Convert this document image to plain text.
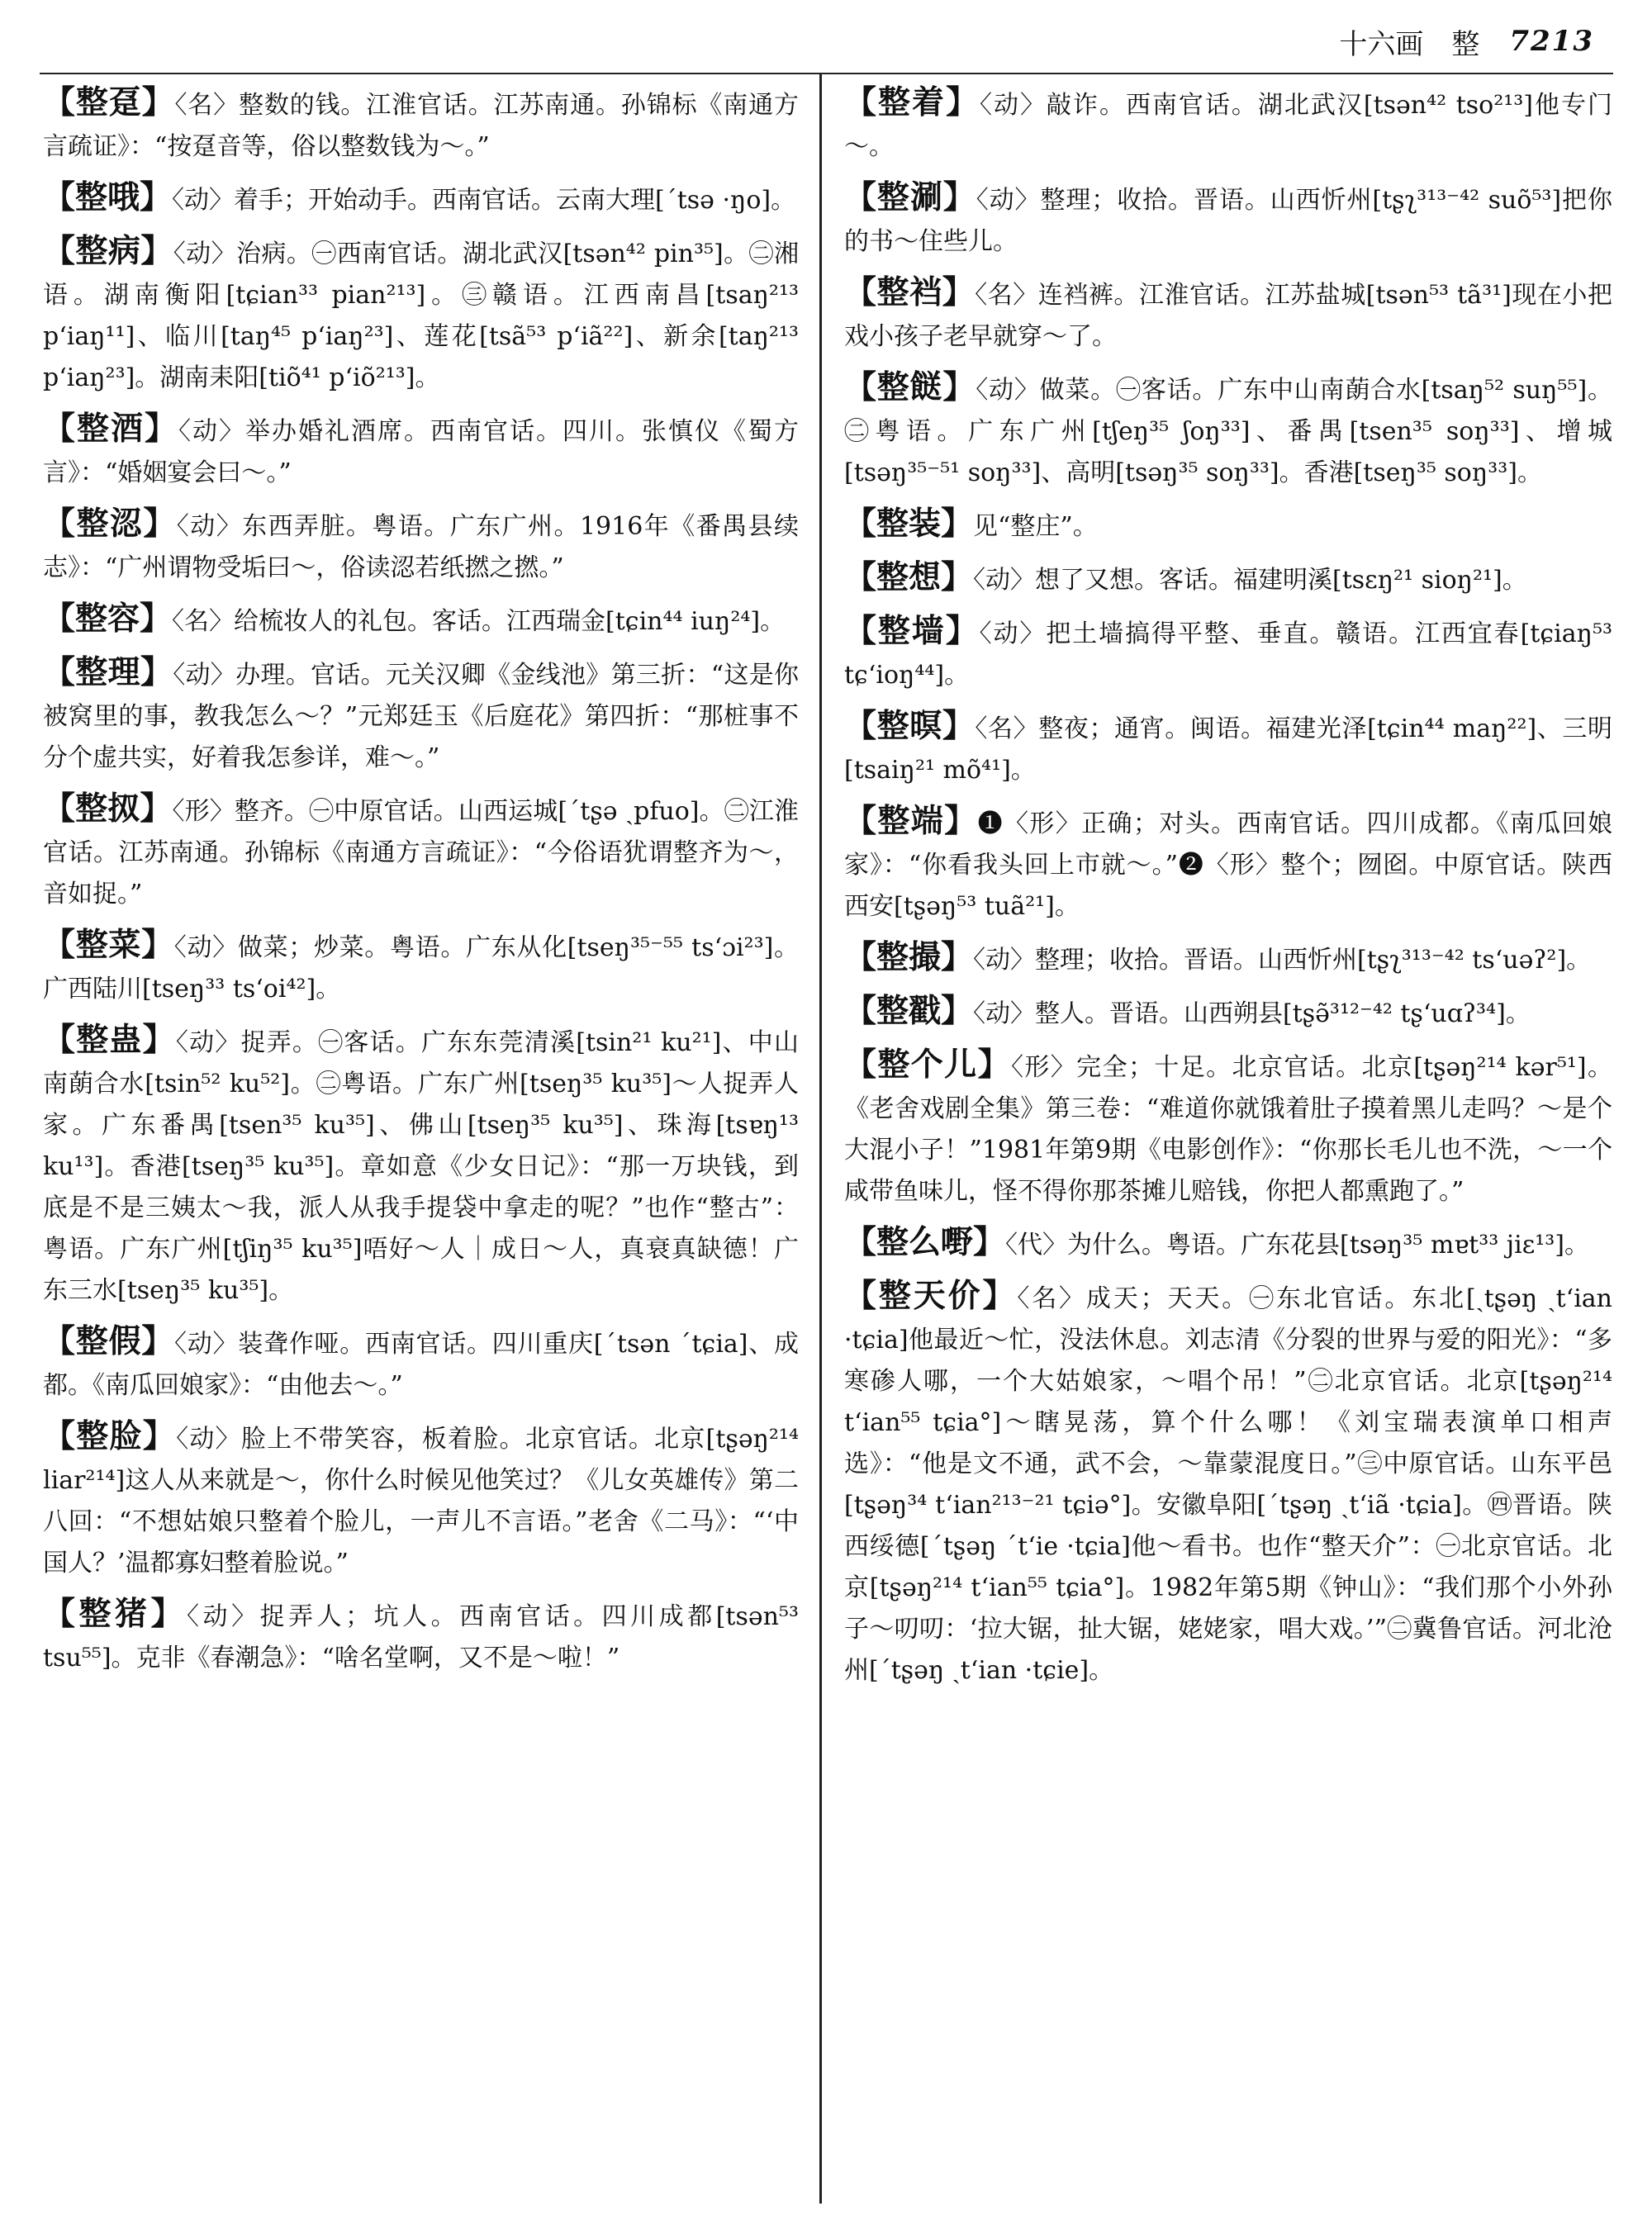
十六画　整 7213

【整趸】〈名〉整数的钱。江淮官话。江苏南通。孙锦标《南通方言疏证》：“按趸音等，俗以整数钱为～。”

【整哦】〈动〉着手；开始动手。西南官话。云南大理[ˊtsə ·ŋo]。

【整病】〈动〉治病。㊀西南官话。湖北武汉[tsən⁴² pin³⁵]。㊁湘语。湖南衡阳[tɕian³³ pian²¹³]。㊂赣语。江西南昌[tsaŋ²¹³ pʻiaŋ¹¹]、临川[taŋ⁴⁵ pʻiaŋ²³]、莲花[tsã⁵³ pʻiã²²]、新余[taŋ²¹³ pʻiaŋ²³]。湖南耒阳[tiõ⁴¹ pʻiõ²¹³]。

【整酒】〈动〉举办婚礼酒席。西南官话。四川。张慎仪《蜀方言》：“婚姻宴会曰～。”

【整涊】〈动〉东西弄脏。粤语。广东广州。1916年《番禺县续志》：“广州谓物受垢曰～，俗读涊若纸撚之撚。”

【整容】〈名〉给梳妆人的礼包。客话。江西瑞金[tɕin⁴⁴ iuŋ²⁴]。

【整理】〈动〉办理。官话。元关汉卿《金线池》第三折：“这是你被窝里的事，教我怎么～？”元郑廷玉《后庭花》第四折：“那桩事不分个虚共实，好着我怎参详，难～。”

【整㧐】〈形〉整齐。㊀中原官话。山西运城[ˊtʂə ˏpfuo]。㊁江淮官话。江苏南通。孙锦标《南通方言疏证》：“今俗语犹谓整齐为～，音如捉。”

【整菜】〈动〉做菜；炒菜。粤语。广东从化[tseŋ³⁵⁻⁵⁵ tsʻɔi²³]。广西陆川[tseŋ³³ tsʻoi⁴²]。

【整蛊】〈动〉捉弄。㊀客话。广东东莞清溪[tsin²¹ ku²¹]、中山南蓢合水[tsin⁵² ku⁵²]。㊁粤语。广东广州[tseŋ³⁵ ku³⁵]～人捉弄人家。广东番禺[tsen³⁵ ku³⁵]、佛山[tseŋ³⁵ ku³⁵]、珠海[tsɐŋ¹³ ku¹³]。香港[tseŋ³⁵ ku³⁵]。章如意《少女日记》：“那一万块钱，到底是不是三姨太～我，派人从我手提袋中拿走的呢？”也作“整古”：粤语。广东广州[tʃiŋ³⁵ ku³⁵]唔好～人｜成日～人，真衰真缺德！广东三水[tseŋ³⁵ ku³⁵]。

【整假】〈动〉装聋作哑。西南官话。四川重庆[ˊtsən ˊtɕia]、成都。《南瓜回娘家》：“由他去～。”

【整脸】〈动〉脸上不带笑容，板着脸。北京官话。北京[tʂəŋ²¹⁴ liar²¹⁴]这人从来就是～，你什么时候见他笑过？《儿女英雄传》第二八回：“不想姑娘只整着个脸儿，一声儿不言语。”老舍《二马》：“‘中国人？’温都寡妇整着脸说。”

【整猪】〈动〉捉弄人；坑人。西南官话。四川成都[tsən⁵³ tsu⁵⁵]。克非《春潮急》：“啥名堂啊，又不是～啦！”

【整着】〈动〉敲诈。西南官话。湖北武汉[tsən⁴² tso²¹³]他专门～。

【整涮】〈动〉整理；收拾。晋语。山西忻州[tʂʅ³¹³⁻⁴² suõ⁵³]把你的书～住些儿。

【整裆】〈名〉连裆裤。江淮官话。江苏盐城[tsən⁵³ tã³¹]现在小把戏小孩子老早就穿～了。

【整餸】〈动〉做菜。㊀客话。广东中山南蓢合水[tsaŋ⁵² suŋ⁵⁵]。㊁粤语。广东广州[tʃeŋ³⁵ ʃoŋ³³]、番禺[tsen³⁵ soŋ³³]、增城[tsəŋ³⁵⁻⁵¹ soŋ³³]、高明[tsəŋ³⁵ soŋ³³]。香港[tseŋ³⁵ soŋ³³]。

【整装】见“整庄”。

【整想】〈动〉想了又想。客话。福建明溪[tsɛŋ²¹ sioŋ²¹]。

【整墙】〈动〉把土墙搞得平整、垂直。赣语。江西宜春[tɕiaŋ⁵³ tɕʻioŋ⁴⁴]。

【整暝】〈名〉整夜；通宵。闽语。福建光泽[tɕin⁴⁴ maŋ²²]、三明[tsaiŋ²¹ mõ⁴¹]。

【整端】❶〈形〉正确；对头。西南官话。四川成都。《南瓜回娘家》：“你看我头回上市就～。”❷〈形〉整个；囫囵。中原官话。陕西西安[tʂəŋ⁵³ tuã²¹]。

【整撮】〈动〉整理；收拾。晋语。山西忻州[tʂʅ³¹³⁻⁴² tsʻuəʔ²]。

【整戳】〈动〉整人。晋语。山西朔县[tʂə̃³¹²⁻⁴² tʂʻuɑʔ³⁴]。

【整个儿】〈形〉完全；十足。北京官话。北京[tʂəŋ²¹⁴ kər⁵¹]。《老舍戏剧全集》第三卷：“难道你就饿着肚子摸着黑儿走吗？～是个大混小子！”1981年第9期《电影创作》：“你那长毛儿也不洗，～一个咸带鱼味儿，怪不得你那茶摊儿赔钱，你把人都熏跑了。”

【整么嘢】〈代〉为什么。粤语。广东花县[tsəŋ³⁵ mɐt³³ jiɛ¹³]。

【整天价】〈名〉成天；天天。㊀东北官话。东北[ˏtʂəŋ ˏtʻian ·tɕia]他最近～忙，没法休息。刘志清《分裂的世界与爱的阳光》：“多寒碜人哪，一个大姑娘家，～唱个吊！”㊁北京官话。北京[tʂəŋ²¹⁴ tʻian⁵⁵ tɕia°]～瞎晃荡，算个什么哪！《刘宝瑞表演单口相声选》：“他是文不通，武不会，～靠蒙混度日。”㊂中原官话。山东平邑[tʂəŋ³⁴ tʻian²¹³⁻²¹ tɕiə°]。安徽阜阳[ˊtʂəŋ ˏtʻiã ·tɕia]。㊃晋语。陕西绥德[ˊtʂəŋ ˊtʻie ·tɕia]他～看书。也作“整天介”：㊀北京官话。北京[tʂəŋ²¹⁴ tʻian⁵⁵ tɕia°]。1982年第5期《钟山》：“我们那个小外孙子～叨叨：‘拉大锯，扯大锯，姥姥家，唱大戏。’”㊁冀鲁官话。河北沧州[ˊtʂəŋ ˏtʻian ·tɕie]。
